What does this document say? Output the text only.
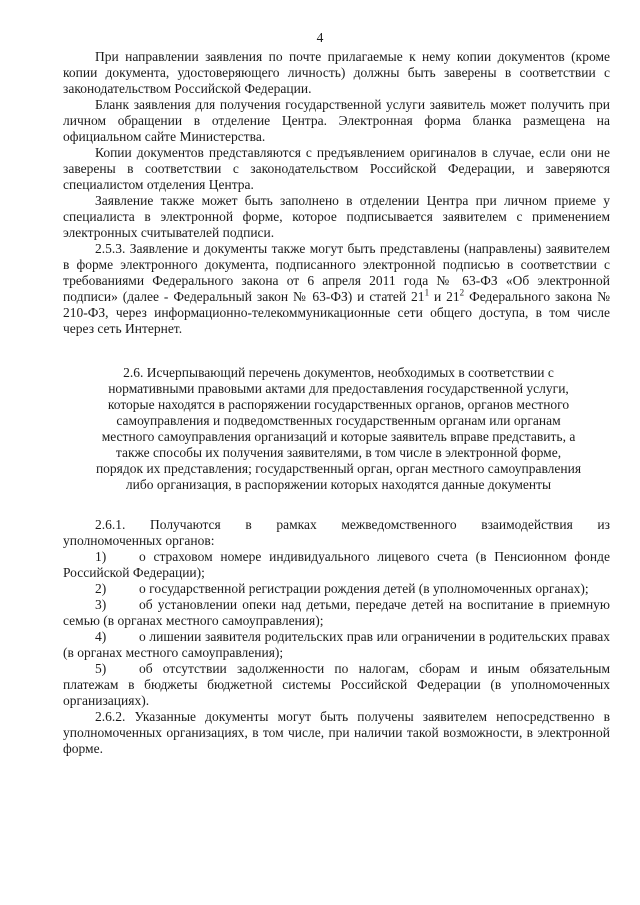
4

При направлении заявления по почте прилагаемые к нему копии документов (кроме копии документа, удостоверяющего личность) должны быть заверены в соответствии с законодательством Российской Федерации.

Бланк заявления для получения государственной услуги заявитель может получить при личном обращении в отделение Центра. Электронная форма бланка размещена на официальном сайте Министерства.

Копии документов представляются с предъявлением оригиналов в случае, если они не заверены в соответствии с законодательством Российской Федерации, и заверяются специалистом отделения Центра.

Заявление также может быть заполнено в отделении Центра при личном приеме у специалиста в электронной форме, которое подписывается заявителем с применением электронных считывателей подписи.

2.5.3. Заявление и документы также могут быть представлены (направлены) заявителем в форме электронного документа, подписанного электронной подписью в соответствии с требованиями Федерального закона от 6 апреля 2011 года № 63-ФЗ «Об электронной подписи» (далее - Федеральный закон № 63-ФЗ) и статей $21^1$ и $21^2$ Федерального закона № 210-ФЗ, через информационно-телекоммуникационные сети общего доступа, в том числе через сеть Интернет.

2.6. Исчерпывающий перечень документов, необходимых в соответствии с
нормативными правовыми актами для предоставления государственной услуги,
которые находятся в распоряжении государственных органов, органов местного
самоуправления и подведомственных государственным органам или органам
местного самоуправления организаций и которые заявитель вправе представить, а
также способы их получения заявителями, в том числе в электронной форме,
порядок их представления; государственный орган, орган местного самоуправления
либо организация, в распоряжении которых находятся данные документы

2.6.1. Получаются в рамках межведомственного взаимодействия из

уполномоченных органов:

1) о страховом номере индивидуального лицевого счета (в Пенсионном фонде Российской Федерации);

2) о государственной регистрации рождения детей (в уполномоченных органах);

3) об установлении опеки над детьми, передаче детей на воспитание в приемную семью (в органах местного самоуправления);

4) о лишении заявителя родительских прав или ограничении в родительских правах (в органах местного самоуправления);

5) об отсутствии задолженности по налогам, сборам и иным обязательным платежам в бюджеты бюджетной системы Российской Федерации (в уполномоченных организациях).

2.6.2. Указанные документы могут быть получены заявителем непосредственно в уполномоченных организациях, в том числе, при наличии такой возможности, в электронной форме.
